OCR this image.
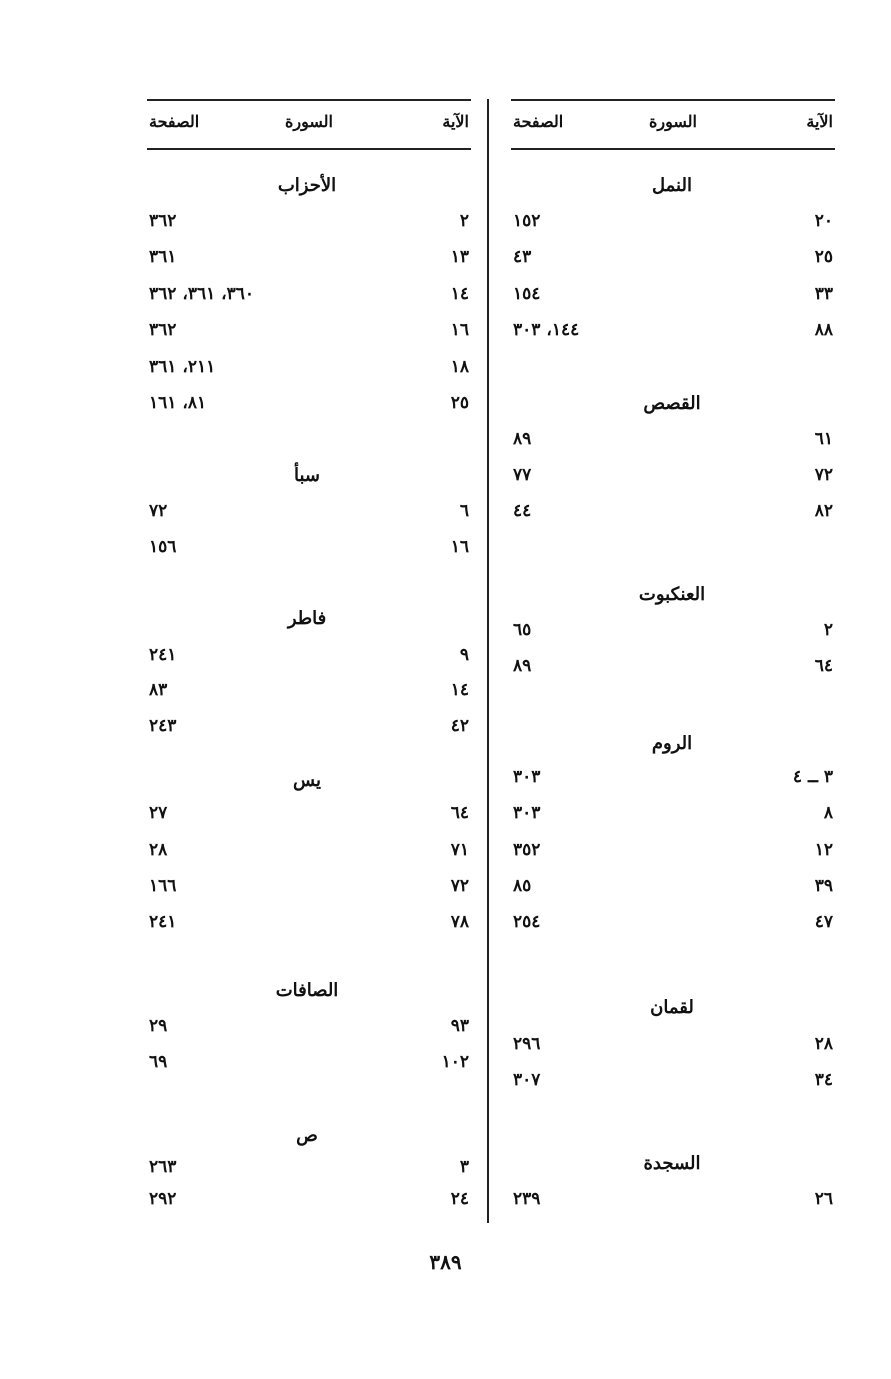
الآية
السورة
الصفحة
النمل
٢٠
١٥٢
٢٥
٤٣
٣٣
١٥٤
٨٨
١٤٤، ٣٠٣
القصص
٦١
٨٩
٧٢
٧٧
٨٢
٤٤
العنكبوت
٢
٦٥
٦٤
٨٩
الروم
٣ ــ ٤
٣٠٣
٨
٣٠٣
١٢
٣٥٢
٣٩
٨٥
٤٧
٢٥٤
لقمان
٢٨
٢٩٦
٣٤
٣٠٧
السجدة
٢٦
٢٣٩
الآية
السورة
الصفحة
الأحزاب
٢
٣٦٢
١٣
٣٦١
١٤
٣٦٠، ٣٦١، ٣٦٢
١٦
٣٦٢
١٨
٢١١، ٣٦١
٢٥
٨١، ١٦١
سبأ
٦
٧٢
١٦
١٥٦
فاطر
٩
٢٤١
١٤
٨٣
٤٢
٢٤٣
يس
٦٤
٢٧
٧١
٢٨
٧٢
١٦٦
٧٨
٢٤١
الصافات
٩٣
٢٩
١٠٢
٦٩
ص
٣
٢٦٣
٢٤
٢٩٢
٣٨٩
